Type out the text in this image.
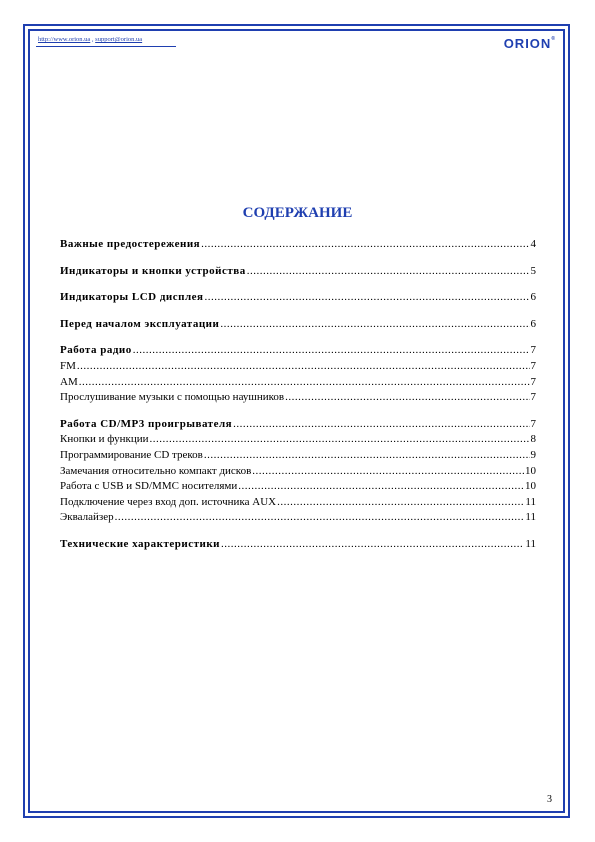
http://www.orion.ua , support@orion.ua	ORION®
СОДЕРЖАНИЕ
Важные предостережения .....	4
Индикаторы и кнопки устройства .....	5
Индикаторы LCD дисплея .....	6
Перед началом эксплуатации .....	6
Работа радио .....	7
FM .....	7
AM .....	7
Прослушивание музыки с помощью наушников .....	7
Работа CD/MP3 проигрывателя .....	7
Кнопки и функции .....	8
Программирование CD треков .....	9
Замечания относительно компакт дисков .....	10
Работа с USB и SD/MMC носителями .....	10
Подключение через вход доп. источника AUX .....	11
Эквалайзер .....	11
Технические характеристики .....	11
3
